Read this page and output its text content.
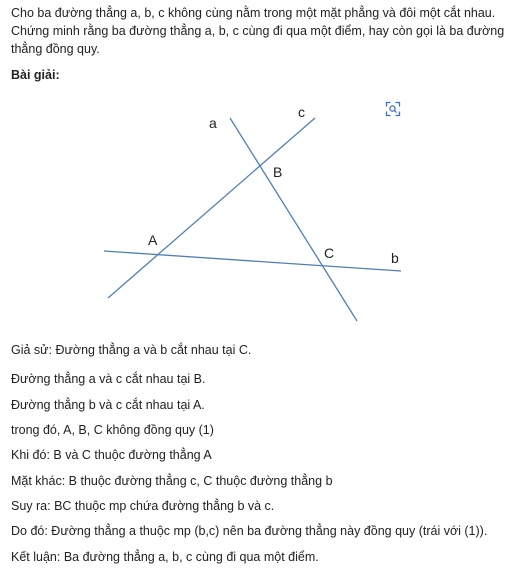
Cho ba đường thẳng a, b, c không cùng nằm trong một mặt phẳng và đôi một cắt nhau. Chứng minh rằng ba đường thẳng a, b, c cùng đi qua một điểm, hay còn gọi là ba đường thẳng đồng quy.

Bài giải:

a
c
b
B
A
C

Giả sử: Đường thẳng a và b cắt nhau tại C.

Đường thẳng a và c cắt nhau tại B.

Đường thẳng b và c cắt nhau tại A.

trong đó, A, B, C không đồng quy (1)

Khi đó: B và C thuộc đường thẳng A

Mặt khác: B thuộc đường thẳng c, C thuộc đường thẳng b

Suy ra: BC thuộc mp chứa đường thẳng b và c.

Do đó: Đường thẳng a thuộc mp (b,c) nên ba đường thẳng này đồng quy (trái với (1)).

Kết luận: Ba đường thẳng a, b, c cùng đi qua một điểm.
